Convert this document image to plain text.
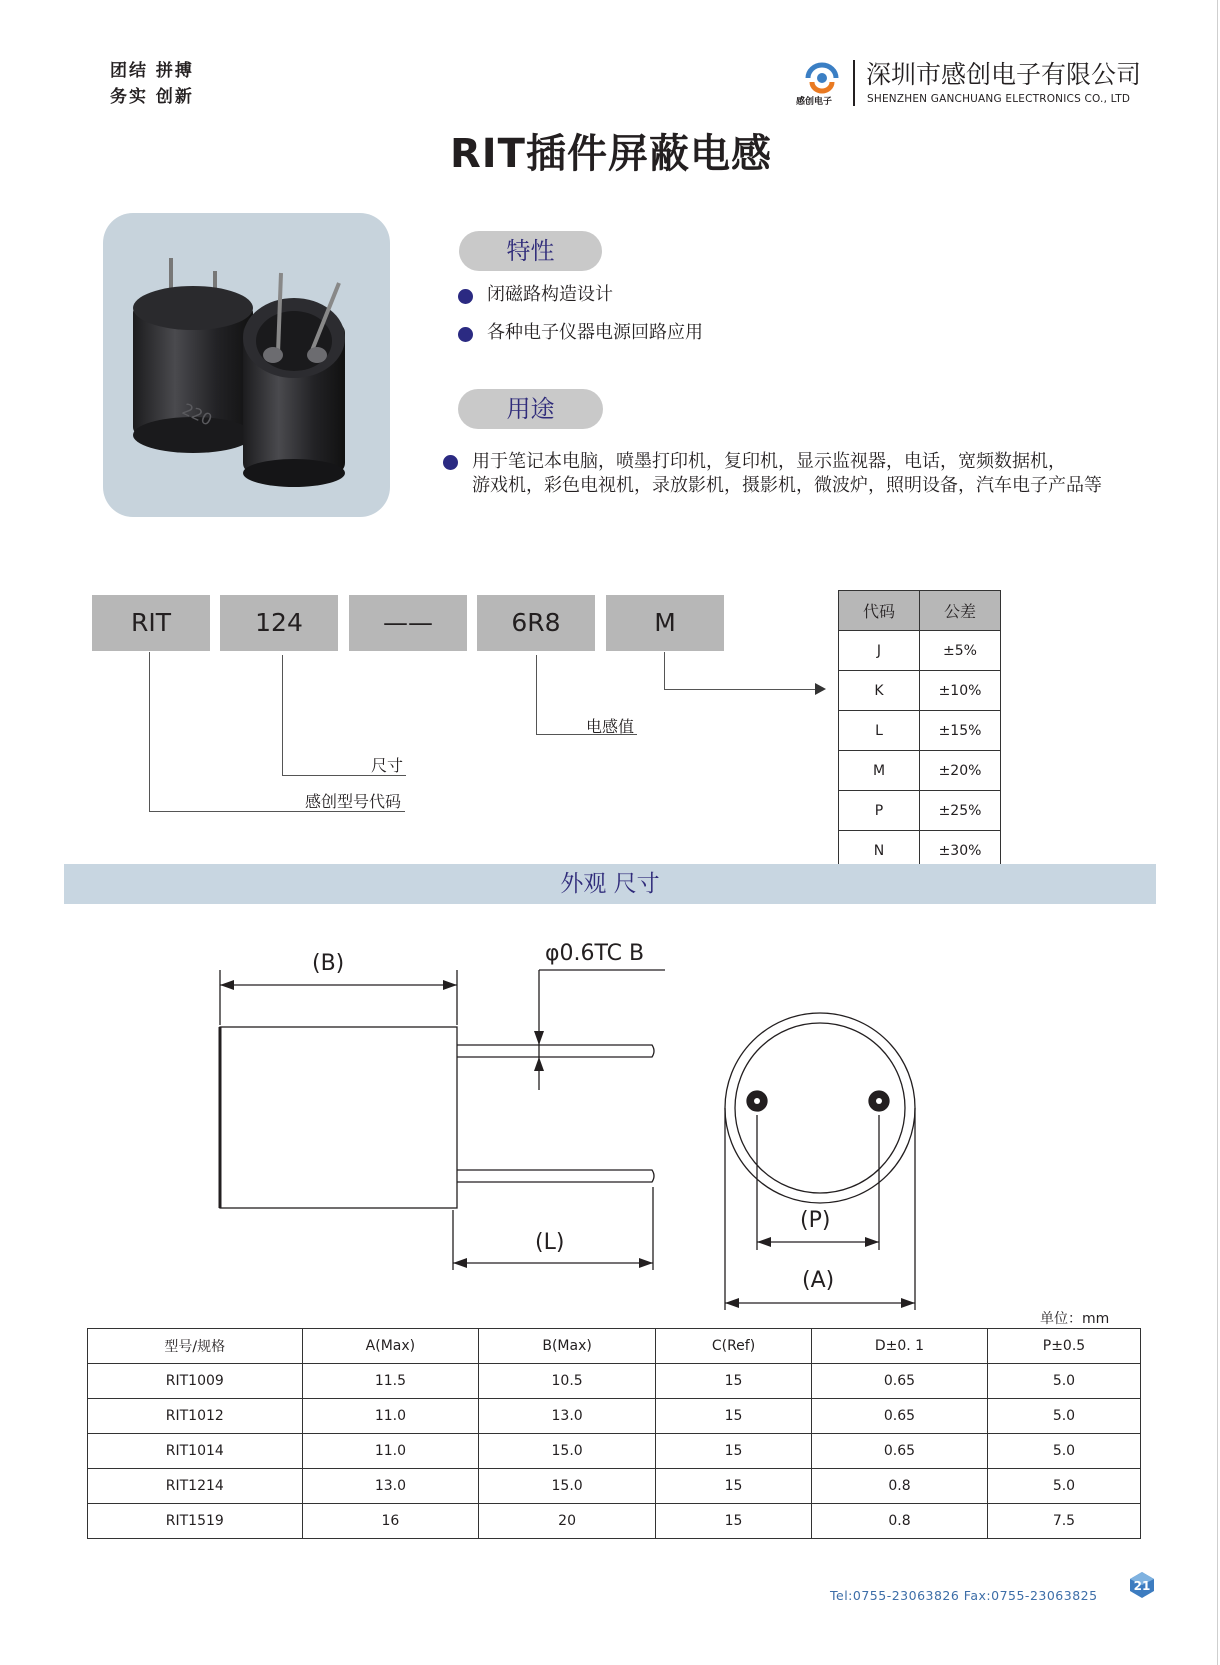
团结 拼搏
务实 创新	感创电子
深圳市感创电子有限公司
SHENZHEN GANCHUANG ELECTRONICS CO., LTD
RIT插件屏蔽电感
220
特性
闭磁路构造设计
各种电子仪器电源回路应用
用途
用于笔记本电脑，喷墨打印机，复印机，显示监视器，电话，宽频数据机，
游戏机，彩色电视机，录放影机，摄影机，微波炉，照明设备，汽车电子产品等
RIT	124	——	6R8	M
电感值
尺寸
感创型号代码
代码	公差
J	±5%
K	±10%
L	±15%
M	±20%
P	±25%
N	±30%
外观 尺寸
(B)
(L)
(P)
(A)
φ0.6TC B
单位：mm
型号/规格	A(Max)	B(Max)	C(Ref)	D±0. 1	P±0.5
RIT1009	11.5	10.5	15	0.65	5.0
RIT1012	11.0	13.0	15	0.65	5.0
RIT1014	11.0	15.0	15	0.65	5.0
RIT1214	13.0	15.0	15	0.8	5.0
RIT1519	16	20	15	0.8	7.5
Tel:0755-23063826 Fax:0755-23063825
21
